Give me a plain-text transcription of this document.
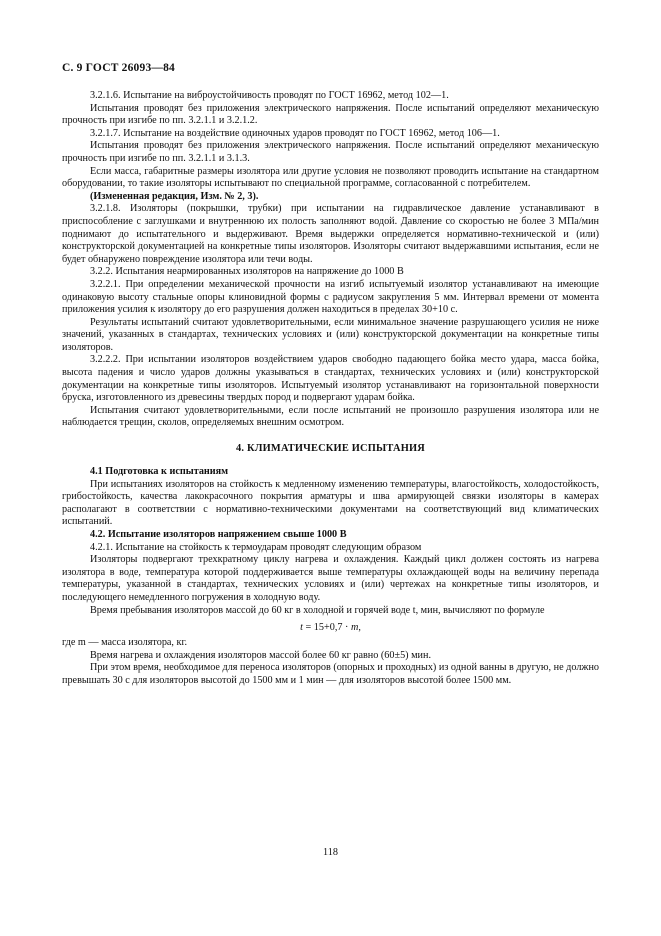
С. 9 ГОСТ 26093—84

3.2.1.6. Испытание на виброустойчивость проводят по ГОСТ 16962, метод 102—1.

Испытания проводят без приложения электрического напряжения. После испытаний определяют механическую прочность при изгибе по пп. 3.2.1.1 и 3.2.1.2.

3.2.1.7. Испытание на воздействие одиночных ударов проводят по ГОСТ 16962, метод 106—1.

Испытания проводят без приложения электрического напряжения. После испытаний определяют механическую прочность при изгибе по пп. 3.2.1.1 и 3.1.3.

Если масса, габаритные размеры изолятора или другие условия не позволяют проводить испытание на стандартном оборудовании, то такие изоляторы испытывают по специальной программе, согласованной с потребителем.

(Измененная редакция, Изм. № 2, 3).

3.2.1.8. Изоляторы (покрышки, трубки) при испытании на гидравлическое давление устанавливают в приспособление с заглушками и внутреннюю их полость заполняют водой. Давление со скоростью не более 3 МПа/мин поднимают до испытательного и выдерживают. Время выдержки определяется нормативно-технической и (или) конструкторской документацией на конкретные типы изоляторов. Изоляторы считают выдержавшими испытания, если не будет обнаружено повреждение изолятора или течи воды.

3.2.2. Испытания неармированных изоляторов на напряжение до 1000 В

3.2.2.1. При определении механической прочности на изгиб испытуемый изолятор устанавливают на имеющие одинаковую высоту стальные опоры клиновидной формы с радиусом закругления 5 мм. Интервал времени от момента приложения усилия к изолятору до его разрушения должен находиться в пределах 30+10 с.

Результаты испытаний считают удовлетворительными, если минимальное значение разрушающего усилия не ниже значений, указанных в стандартах, технических условиях и (или) конструкторской документации на конкретные типы изоляторов.

3.2.2.2. При испытании изоляторов воздействием ударов свободно падающего бойка место удара, масса бойка, высота падения и число ударов должны указываться в стандартах, технических условиях и (или) конструкторской документации на конкретные типы изоляторов. Испытуемый изолятор устанавливают на горизонтальной поверхности бруска, изготовленного из древесины твердых пород и подвергают ударам бойка.

Испытания считают удовлетворительными, если после испытаний не произошло разрушения изолятора или не наблюдается трещин, сколов, определяемых внешним осмотром.

4. КЛИМАТИЧЕСКИЕ ИСПЫТАНИЯ

4.1 Подготовка к испытаниям

При испытаниях изоляторов на стойкость к медленному изменению температуры, влагостойкость, холодостойкость, грибостойкость, качества лакокрасочного покрытия арматуры и шва армирующей связки изоляторы в камерах располагают в соответствии с нормативно-техническими документами на соответствующий вид климатических испытаний.

4.2. Испытание изоляторов напряжением свыше 1000 В

4.2.1. Испытание на стойкость к термоударам проводят следующим образом

Изоляторы подвергают трехкратному циклу нагрева и охлаждения. Каждый цикл должен состоять из нагрева изолятора в воде, температура которой поддерживается выше температуры охлаждающей воды на величину перепада температуры, указанной в стандартах, технических условиях и (или) чертежах на конкретные типы изоляторов, и последующего немедленного погружения в холодную воду.

Время пребывания изоляторов массой до 60 кг в холодной и горячей воде t, мин, вычисляют по формуле

t = 15+0,7 · m,

где m — масса изолятора, кг.

Время нагрева и охлаждения изоляторов массой более 60 кг равно (60±5) мин.

При этом время, необходимое для переноса изоляторов (опорных и проходных) из одной ванны в другую, не должно превышать 30 с для изоляторов высотой до 1500 мм и 1 мин — для изоляторов высотой более 1500 мм.

118
